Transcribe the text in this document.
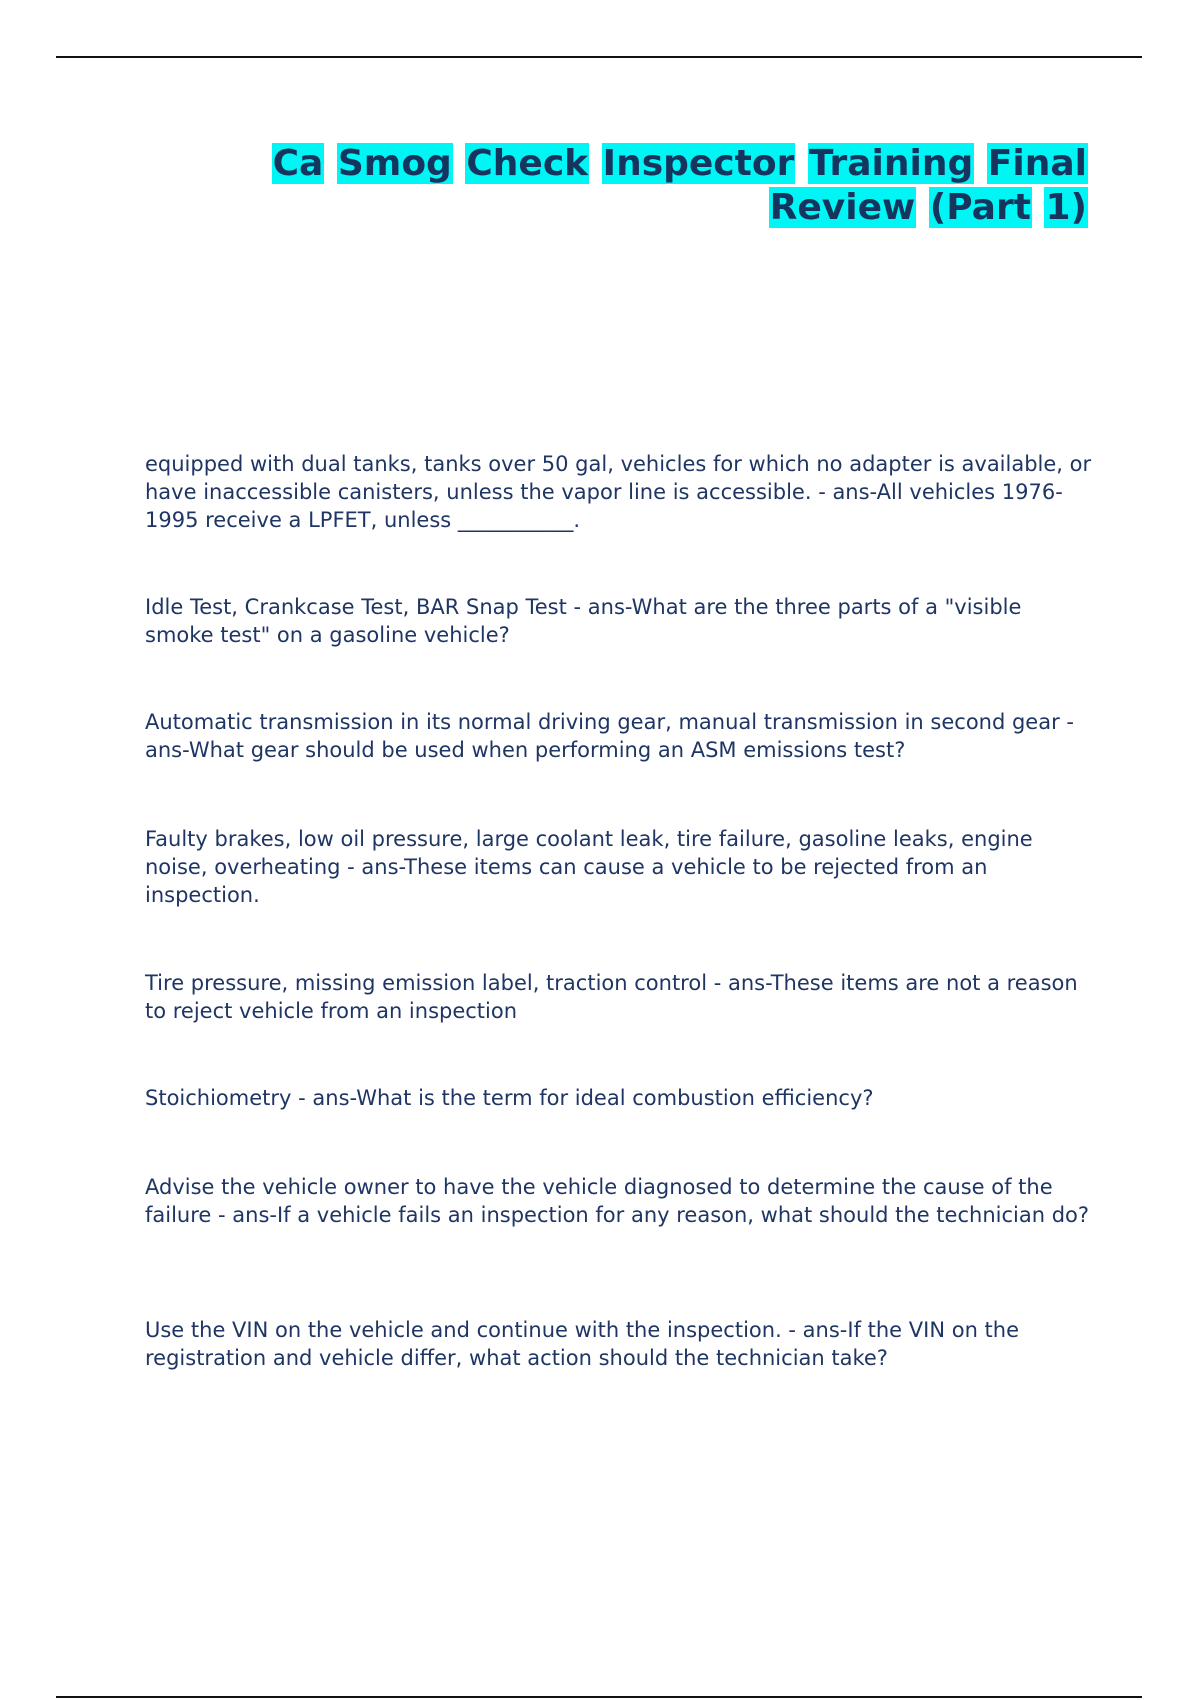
Ca Smog Check Inspector Training Final
Review (Part 1)

equipped with dual tanks, tanks over 50 gal, vehicles for which no adapter is available, or have inaccessible canisters, unless the vapor line is accessible. - ans-All vehicles 1976-1995 receive a LPFET, unless ___________.

Idle Test, Crankcase Test, BAR Snap Test - ans-What are the three parts of a "visible smoke test" on a gasoline vehicle?

Automatic transmission in its normal driving gear, manual transmission in second gear - ans-What gear should be used when performing an ASM emissions test?

Faulty brakes, low oil pressure, large coolant leak, tire failure, gasoline leaks, engine noise, overheating - ans-These items can cause a vehicle to be rejected from an inspection.

Tire pressure, missing emission label, traction control - ans-These items are not a reason to reject vehicle from an inspection

Stoichiometry - ans-What is the term for ideal combustion efficiency?

Advise the vehicle owner to have the vehicle diagnosed to determine the cause of the failure - ans-If a vehicle fails an inspection for any reason, what should the technician do?

Use the VIN on the vehicle and continue with the inspection. - ans-If the VIN on the registration and vehicle differ, what action should the technician take?
